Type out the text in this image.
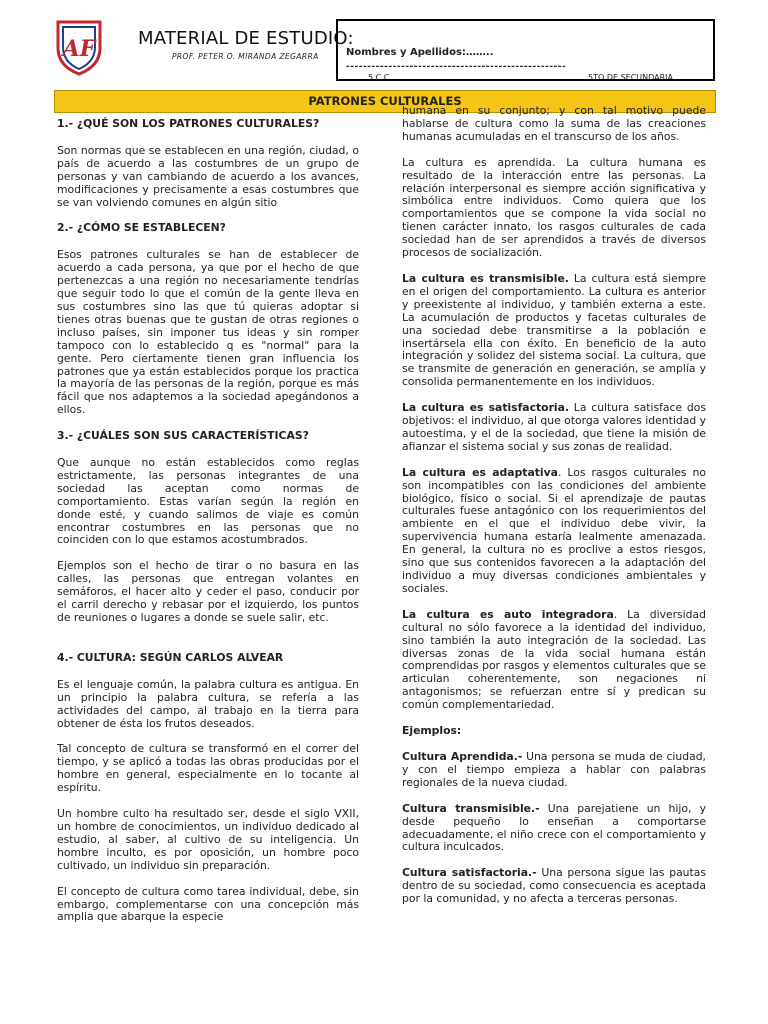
AF MATERIAL DE ESTUDIO:
PROF. PETER O. MIRANDA ZEGARRA	Nombres y Apellidos:……..
----------------------------------------------------
5 C.C.	5TO DE SECUNDARIA
PATRONES CULTURALES

1.- ¿QUÉ SON LOS PATRONES CULTURALES?

Son normas que se establecen en una región, ciudad, o país de acuerdo a las costumbres de un grupo de personas y van cambiando de acuerdo a los avances, modificaciones y precisamente a esas costumbres que se van volviendo comunes en algún sitio

2.- ¿CÓMO SE ESTABLECEN?

Esos patrones culturales se han de establecer de acuerdo a cada persona, ya que por el hecho de que pertenezcas a una región no necesariamente tendrías que seguir todo lo que el común de la gente lleva en sus costumbres sino las que tú quieras adoptar si tienes otras buenas que te gustan de otras regiones o incluso países, sin imponer tus ideas y sin romper tampoco con lo establecido q es "normal" para la gente. Pero ciertamente tienen gran influencia los patrones que ya están establecidos porque los practica la mayoría de las personas de la región, porque es más fácil que nos adaptemos a la sociedad apegándonos a ellos.

3.- ¿CUÁLES SON SUS CARACTERÍSTICAS?

Que aunque no están establecidos como reglas estrictamente, las personas integrantes de una sociedad las aceptan como normas de comportamiento. Estas varían según la región en donde esté, y cuando salimos de viaje es común encontrar costumbres en las personas que no coinciden con lo que estamos acostumbrados.

Ejemplos son el hecho de tirar o no basura en las calles, las personas que entregan volantes en semáforos, el hacer alto y ceder el paso, conducir por el carril derecho y rebasar por el izquierdo, los puntos de reuniones o lugares a donde se suele salir, etc.

4.- CULTURA: SEGÚN CARLOS ALVEAR

Es el lenguaje común, la palabra cultura es antigua. En un principio la palabra cultura, se refería a las actividades del campo, al trabajo en la tierra para obtener de ésta los frutos deseados.

Tal concepto de cultura se transformó en el correr del tiempo, y se aplicó a todas las obras producidas por el hombre en general, especialmente en lo tocante al espíritu.

Un hombre culto ha resultado ser, desde el siglo VXII, un hombre de conocimientos, un individuo dedicado al estudio, al saber, al cultivo de su inteligencia. Un hombre inculto, es por oposición, un hombre poco cultivado, un individuo sin preparación.

El concepto de cultura como tarea individual, debe, sin embargo, complementarse con una concepción más amplia que abarque la especie

humana en su conjunto; y con tal motivo puede hablarse de cultura como la suma de las creaciones humanas acumuladas en el transcurso de los años.

La cultura es aprendida. La cultura humana es resultado de la interacción entre las personas. La relación interpersonal es siempre acción significativa y simbólica entre individuos. Como quiera que los comportamientos que se compone la vida social no tienen carácter innato, los rasgos culturales de cada sociedad han de ser aprendidos a través de diversos procesos de socialización.

La cultura es transmisible. La cultura está siempre en el origen del comportamiento. La cultura es anterior y preexistente al individuo, y también externa a este. La acumulación de productos y facetas culturales de una sociedad debe transmitirse a la población e insertársela ella con éxito. En beneficio de la auto integración y solidez del sistema social. La cultura, que se transmite de generación en generación, se amplía y consolida permanentemente en los individuos.

La cultura es satisfactoria. La cultura satisface dos objetivos: el individuo, al que otorga valores identidad y autoestima, y el de la sociedad, que tiene la misión de afianzar el sistema social y sus zonas de realidad.

La cultura es adaptativa. Los rasgos culturales no son incompatibles con las condiciones del ambiente biológico, físico o social. Si el aprendizaje de pautas culturales fuese antagónico con los requerimientos del ambiente en el que el individuo debe vivir, la supervivencia humana estaría lealmente amenazada. En general, la cultura no es proclive a estos riesgos, sino que sus contenidos favorecen a la adaptación del individuo a muy diversas condiciones ambientales y sociales.

La cultura es auto integradora. La diversidad cultural no sólo favorece a la identidad del individuo, sino también la auto integración de la sociedad. Las diversas zonas de la vida social humana están comprendidas por rasgos y elementos culturales que se articulan coherentemente, son negaciones ni antagonismos; se refuerzan entre sí y predican su común complementariedad.

Ejemplos:

Cultura Aprendida.- Una persona se muda de ciudad, y con el tiempo empieza a hablar con palabras regionales de la nueva ciudad.

Cultura transmisible.- Una parejatiene un hijo, y desde pequeño lo enseñan a comportarse adecuadamente, el niño crece con el comportamiento y cultura inculcados.

Cultura satisfactoria.- Una persona sigue las pautas dentro de su sociedad, como consecuencia es aceptada por la comunidad, y no afecta a terceras personas.
